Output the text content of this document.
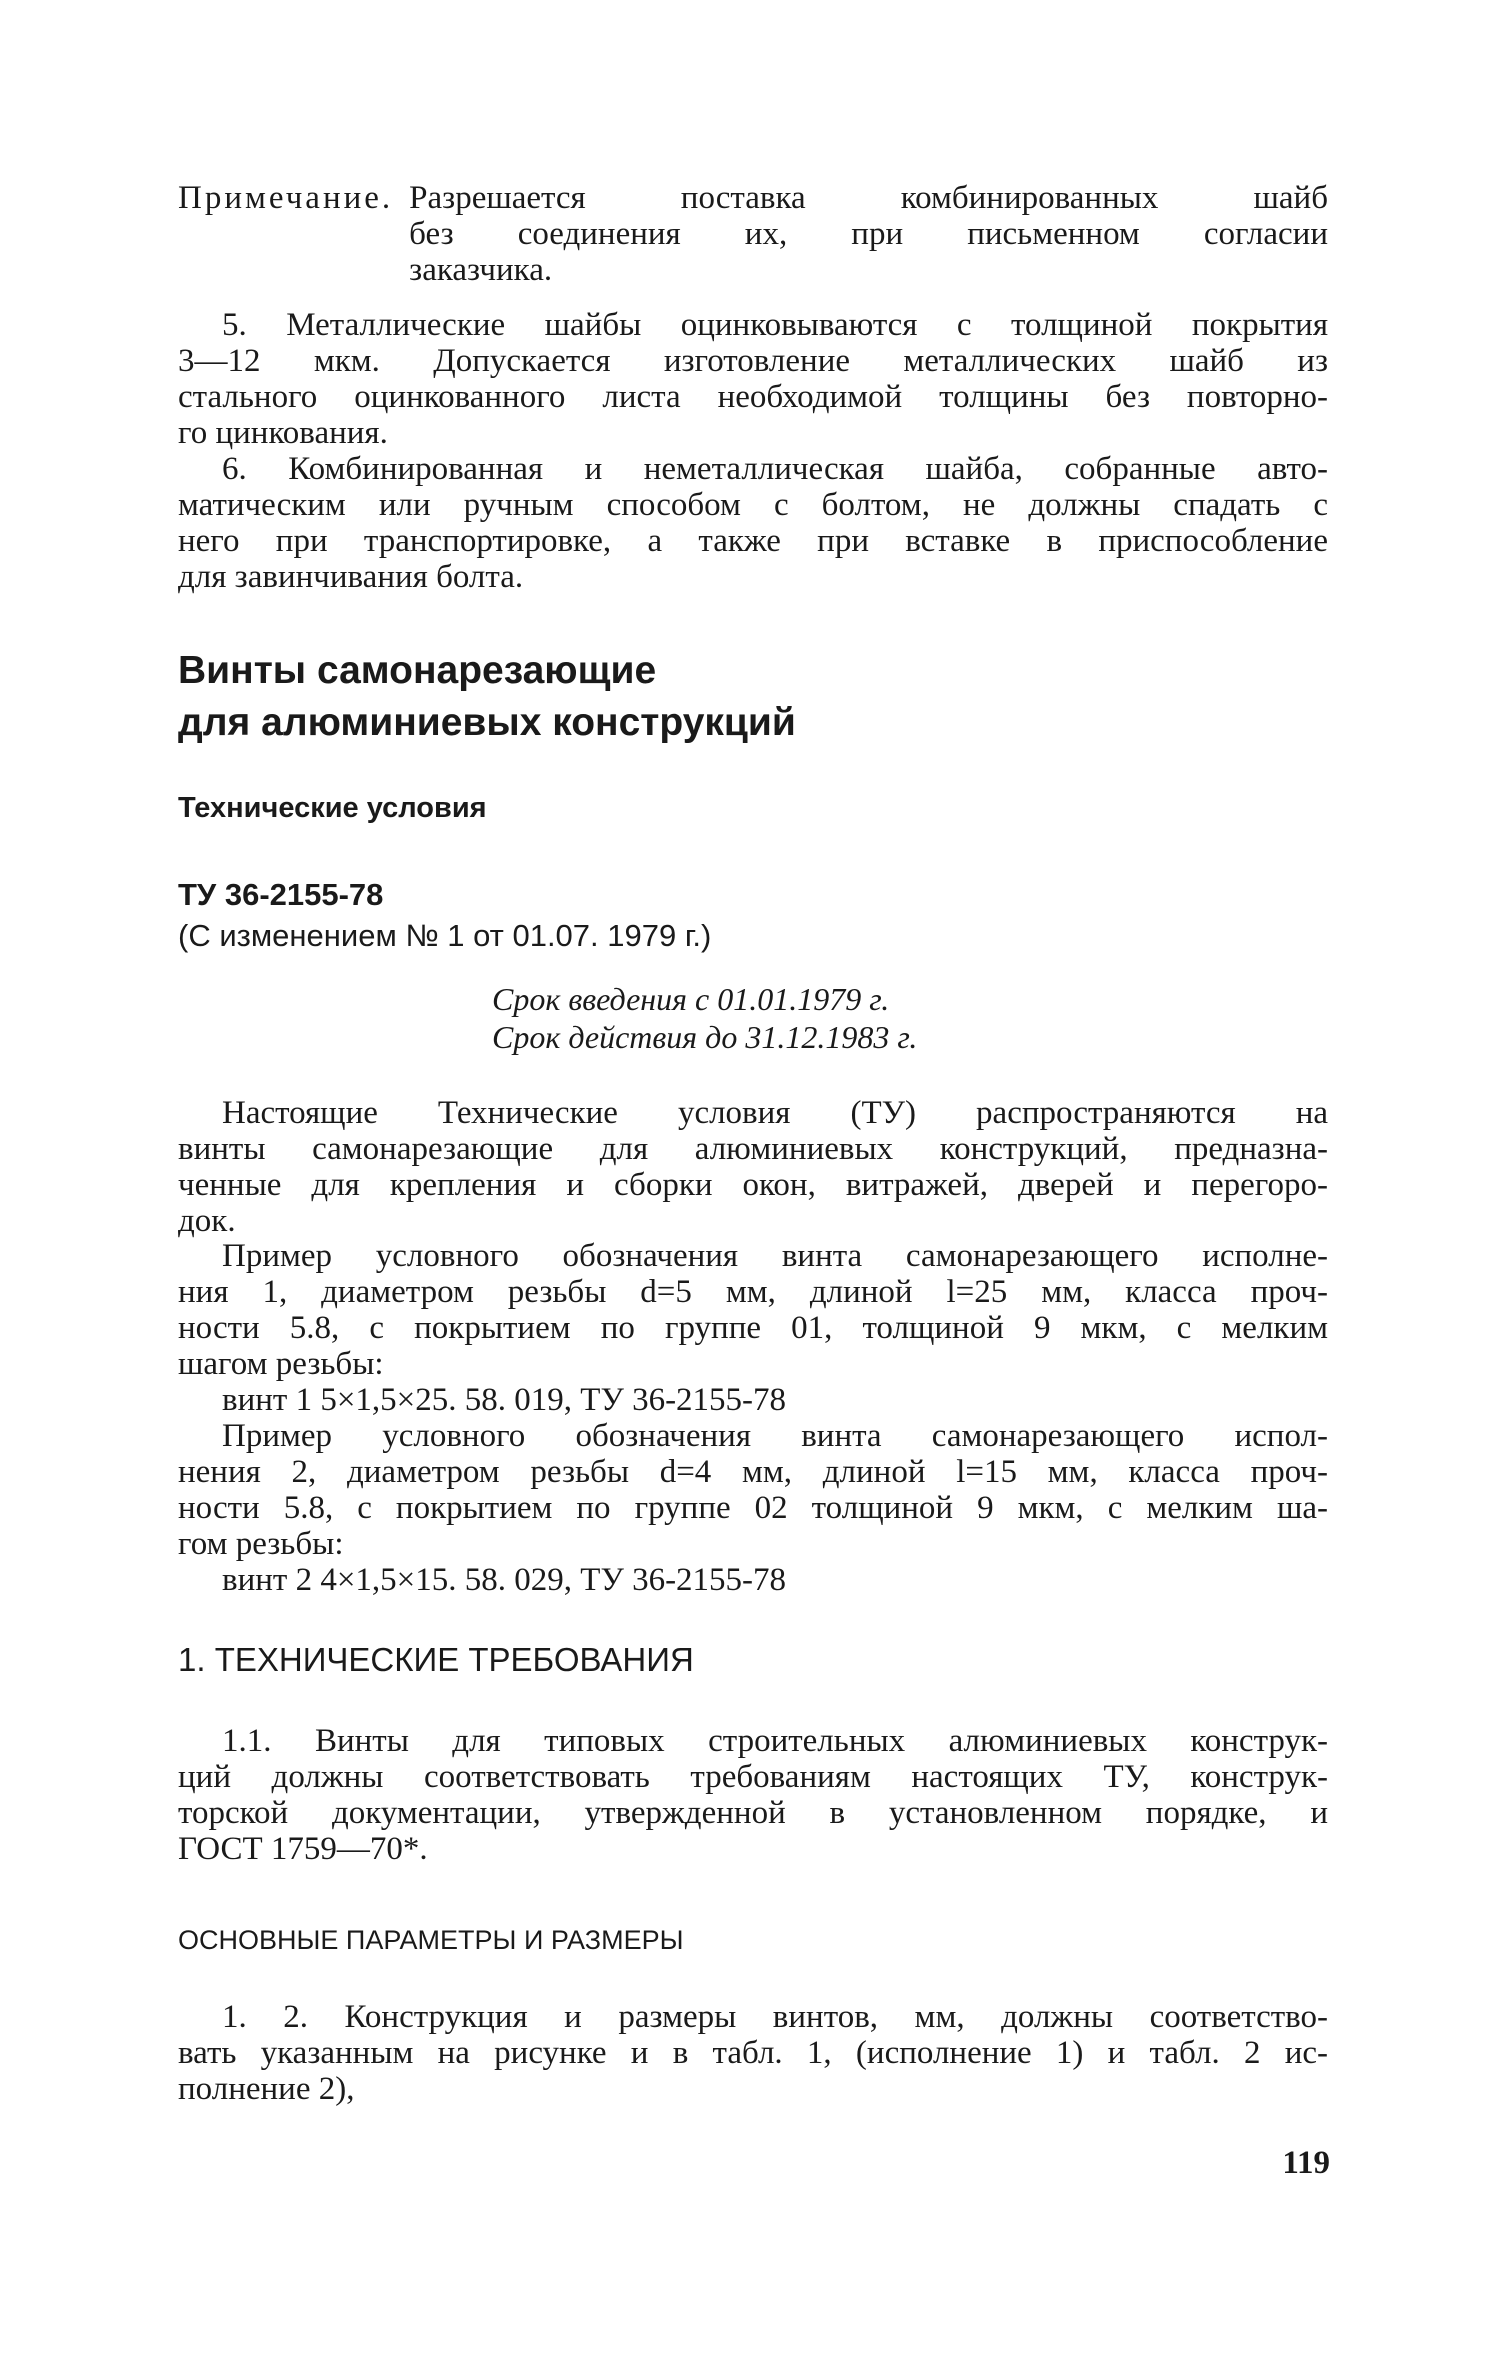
Примечание. Разрешается поставка комбинированных шайб

без соединения их, при письменном согласии

заказчика.

5. Металлические шайбы оцинковываются с толщиной покрытия

3—12 мкм. Допускается изготовление металлических шайб из

стального оцинкованного листа необходимой толщины без повторно-

го цинкования.

6. Комбинированная и неметаллическая шайба, собранные авто-

матическим или ручным способом с болтом, не должны спадать с

него при транспортировке, а также при вставке в приспособление

для завинчивания болта.

Винты самонарезающие

для алюминиевых конструкций

Технические условия

ТУ 36-2155-78

(С изменением № 1 от 01.07. 1979 г.)

Срок введения с 01.01.1979 г.

Срок действия до 31.12.1983 г.

Настоящие Технические условия (ТУ) распространяются на

винты самонарезающие для алюминиевых конструкций, предназна-

ченные для крепления и сборки окон, витражей, дверей и перегоро-

док.

Пример условного обозначения винта самонарезающего исполне-

ния 1, диаметром резьбы d=5 мм, длиной l=25 мм, класса проч-

ности 5.8, с покрытием по группе 01, толщиной 9 мкм, с мелким

шагом резьбы:

винт 1 5×1,5×25. 58. 019, ТУ 36-2155-78

Пример условного обозначения винта самонарезающего испол-

нения 2, диаметром резьбы d=4 мм, длиной l=15 мм, класса проч-

ности 5.8, с покрытием по группе 02 толщиной 9 мкм, с мелким ша-

гом резьбы:

винт 2 4×1,5×15. 58. 029, ТУ 36-2155-78

1. ТЕХНИЧЕСКИЕ ТРЕБОВАНИЯ

1.1. Винты для типовых строительных алюминиевых конструк-

ций должны соответствовать требованиям настоящих ТУ, конструк-

торской документации, утвержденной в установленном порядке, и

ГОСТ 1759—70*.

ОСНОВНЫЕ ПАРАМЕТРЫ И РАЗМЕРЫ

1. 2. Конструкция и размеры винтов, мм, должны соответство-

вать указанным на рисунке и в табл. 1, (исполнение 1) и табл. 2 ис-

полнение 2),

119
